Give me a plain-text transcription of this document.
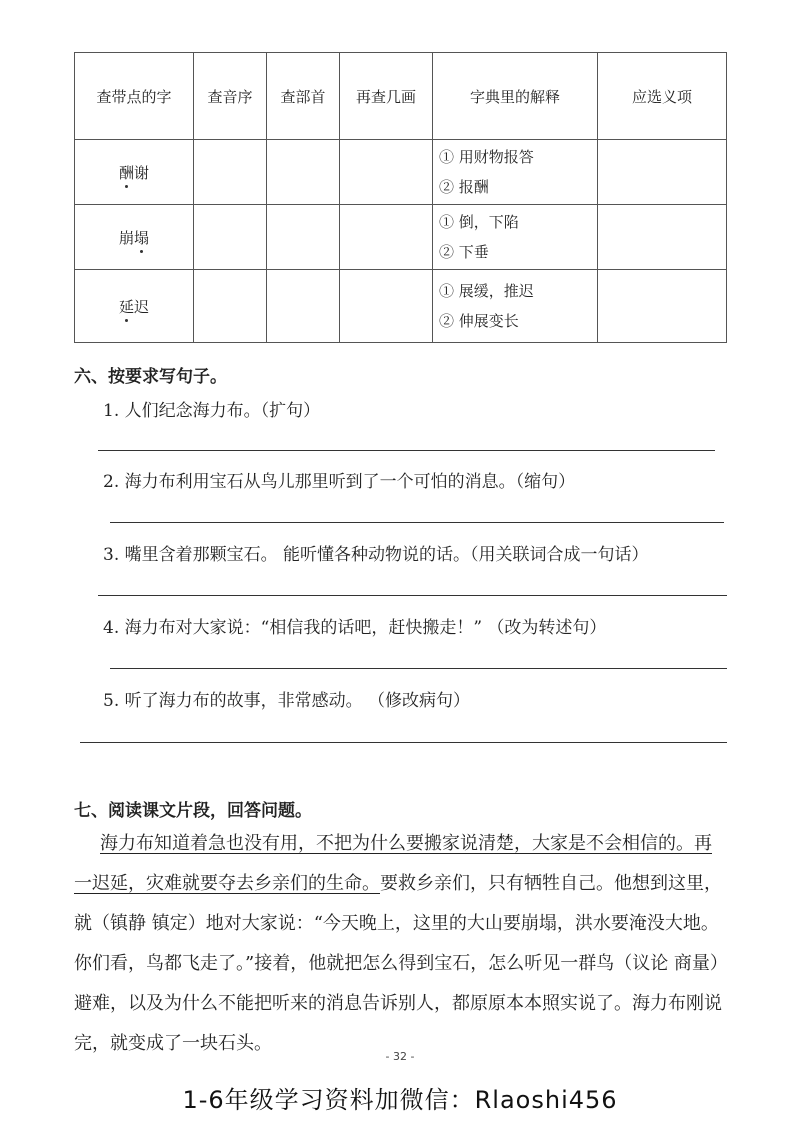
查带点的字	查音序	查部首	再查几画	字典里的解释	应选义项
酬谢				① 用财物报答
② 报酬	

崩塌				① 倒，下陷
② 下垂	

延迟				① 展缓，推迟
② 伸展变长	

六、按要求写句子。
1. 人们纪念海力布。（扩句）
2. 海力布利用宝石从鸟儿那里听到了一个可怕的消息。（缩句）
3. 嘴里含着那颗宝石。 能听懂各种动物说的话。（用关联词合成一句话）
4. 海力布对大家说：“相信我的话吧，赶快搬走！” （改为转述句）
5. 听了海力布的故事，非常感动。 （修改病句）
七、阅读课文片段，回答问题。

海力布知道着急也没有用，不把为什么要搬家说清楚，大家是不会相信的。再一迟延，灾难就要夺去乡亲们的生命。要救乡亲们，只有牺牲自己。他想到这里，就（镇静 镇定）地对大家说：“今天晚上，这里的大山要崩塌，洪水要淹没大地。你们看，鸟都飞走了。”接着，他就把怎么得到宝石，怎么听见一群鸟（议论 商量）避难，以及为什么不能把听来的消息告诉别人，都原原本本照实说了。海力布刚说完，就变成了一块石头。

- 32 -
1-6年级学习资料加微信：Rlaoshi456
